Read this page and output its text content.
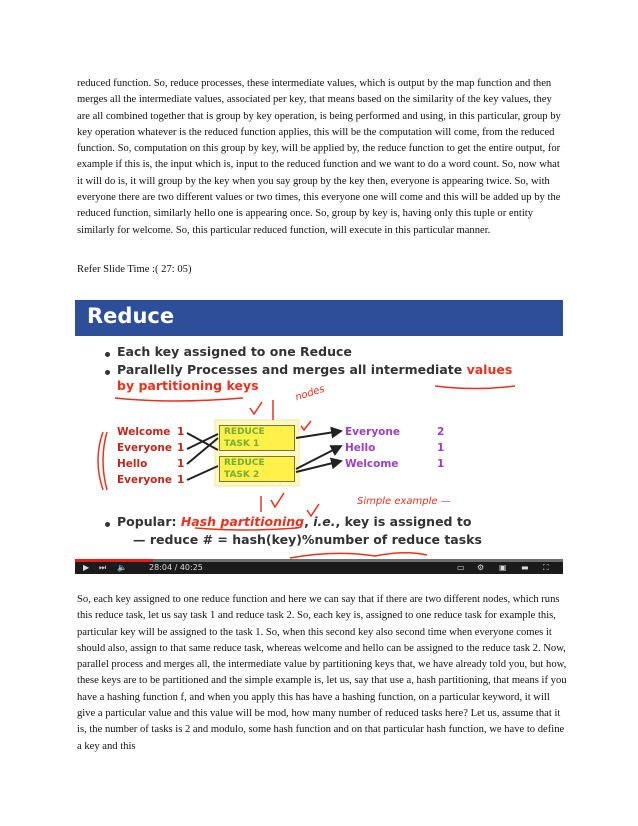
reduced function. So, reduce processes, these intermediate values, which is output by the map function and then merges all the intermediate values, associated per key, that means based on the similarity of the key values, they are all combined together that is group by key operation, is being performed and using, in this particular, group by key operation whatever is the reduced function applies, this will be the computation will come, from the reduced function. So, computation on this group by key, will be applied by, the reduce function to get the entire output, for example if this is, the input which is, input to the reduced function and we want to do a word count. So, now what it will do is, it will group by the key when you say group by the key then, everyone is appearing twice. So, with everyone there are two different values or two times, this everyone one will come and this will be added up by the reduced function, similarly hello one is appearing once. So, group by key is, having only this tuple or entity similarly for welcome. So, this particular reduced function, will execute in this particular manner.

Refer Slide Time :( 27: 05)

Reduce
Each key assigned to one Reduce
Parallelly Processes and merges all intermediate values
by partitioning keys
Welcome 1
Everyone 1
Hello	1
Everyone 1
REDUCE
TASK 1
REDUCE
TASK 2
Everyone	2
Hello	1
Welcome	1
nodes
Simple example —
Popular: Hash partitioning, i.e., key is assigned to
— reduce # = hash(key)%number of reduce tasks
▶ ⏭ 🔈	28:04 / 40:25	▭ ⚙ ▣ ▬ ⛶

So, each key assigned to one reduce function and here we can say that if there are two different nodes, which runs this reduce task, let us say task 1 and reduce task 2. So, each key is, assigned to one reduce task for example this, particular key will be assigned to the task 1. So, when this second key also second time when everyone comes it should also, assign to that same reduce task, whereas welcome and hello can be assigned to the reduce task 2. Now, parallel process and merges all, the intermediate value by partitioning keys that, we have already told you, but how, these keys are to be partitioned and the simple example is, let us, say that use a, hash partitioning, that means if you have a hashing function f, and when you apply this has have a hashing function, on a particular keyword, it will give a particular value and this value will be mod, how many number of reduced tasks here? Let us, assume that it is, the number of tasks is 2 and modulo, some hash function and on that particular hash function, we have to define a key and this
